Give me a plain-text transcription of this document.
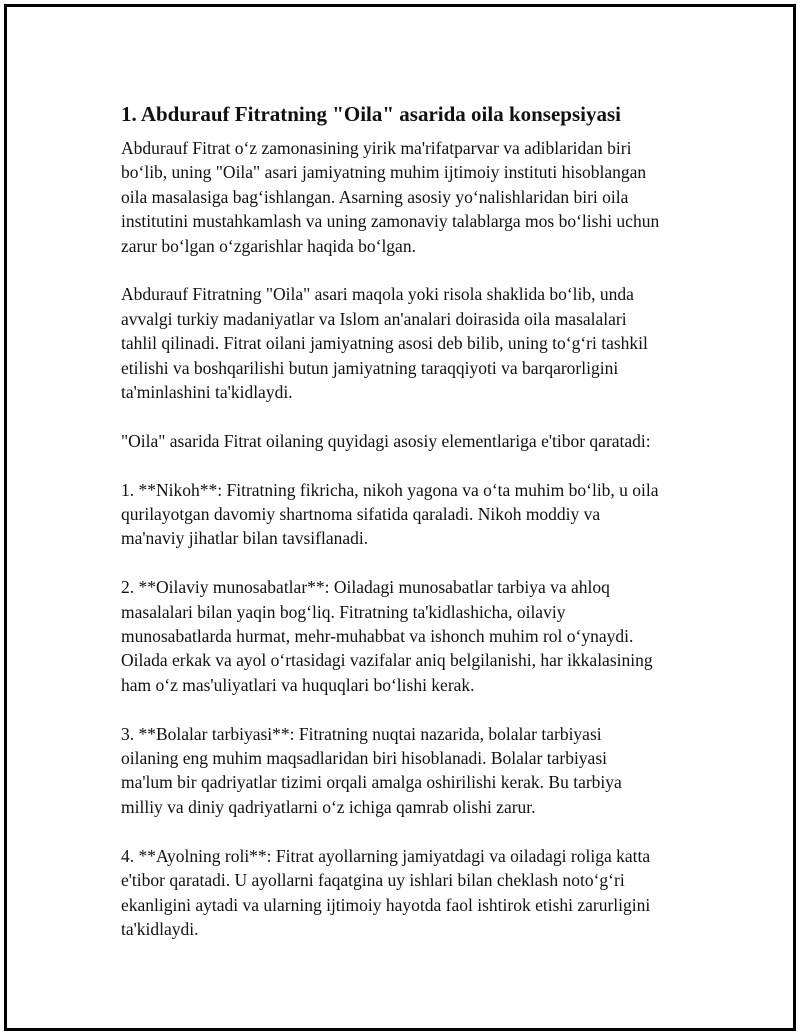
1. Abdurauf Fitratning "Oila" asarida oila konsepsiyasi

Abdurauf Fitrat o‘z zamonasining yirik ma'rifatparvar va adiblaridan biri
bo‘lib, uning "Oila" asari jamiyatning muhim ijtimoiy instituti hisoblangan
oila masalasiga bag‘ishlangan. Asarning asosiy yo‘nalishlaridan biri oila
institutini mustahkamlash va uning zamonaviy talablarga mos bo‘lishi uchun
zarur bo‘lgan o‘zgarishlar haqida bo‘lgan.

Abdurauf Fitratning "Oila" asari maqola yoki risola shaklida bo‘lib, unda
avvalgi turkiy madaniyatlar va Islom an'analari doirasida oila masalalari
tahlil qilinadi. Fitrat oilani jamiyatning asosi deb bilib, uning to‘g‘ri tashkil
etilishi va boshqarilishi butun jamiyatning taraqqiyoti va barqarorligini
ta'minlashini ta'kidlaydi.

"Oila" asarida Fitrat oilaning quyidagi asosiy elementlariga e'tibor qaratadi:

1. **Nikoh**: Fitratning fikricha, nikoh yagona va o‘ta muhim bo‘lib, u oila
qurilayotgan davomiy shartnoma sifatida qaraladi. Nikoh moddiy va
ma'naviy jihatlar bilan tavsiflanadi.

2. **Oilaviy munosabatlar**: Oiladagi munosabatlar tarbiya va ahloq
masalalari bilan yaqin bog‘liq. Fitratning ta'kidlashicha, oilaviy
munosabatlarda hurmat, mehr-muhabbat va ishonch muhim rol o‘ynaydi.
Oilada erkak va ayol o‘rtasidagi vazifalar aniq belgilanishi, har ikkalasining
ham o‘z mas'uliyatlari va huquqlari bo‘lishi kerak.

3. **Bolalar tarbiyasi**: Fitratning nuqtai nazarida, bolalar tarbiyasi
oilaning eng muhim maqsadlaridan biri hisoblanadi. Bolalar tarbiyasi
ma'lum bir qadriyatlar tizimi orqali amalga oshirilishi kerak. Bu tarbiya
milliy va diniy qadriyatlarni o‘z ichiga qamrab olishi zarur.

4. **Ayolning roli**: Fitrat ayollarning jamiyatdagi va oiladagi roliga katta
e'tibor qaratadi. U ayollarni faqatgina uy ishlari bilan cheklash noto‘g‘ri
ekanligini aytadi va ularning ijtimoiy hayotda faol ishtirok etishi zarurligini
ta'kidlaydi.
